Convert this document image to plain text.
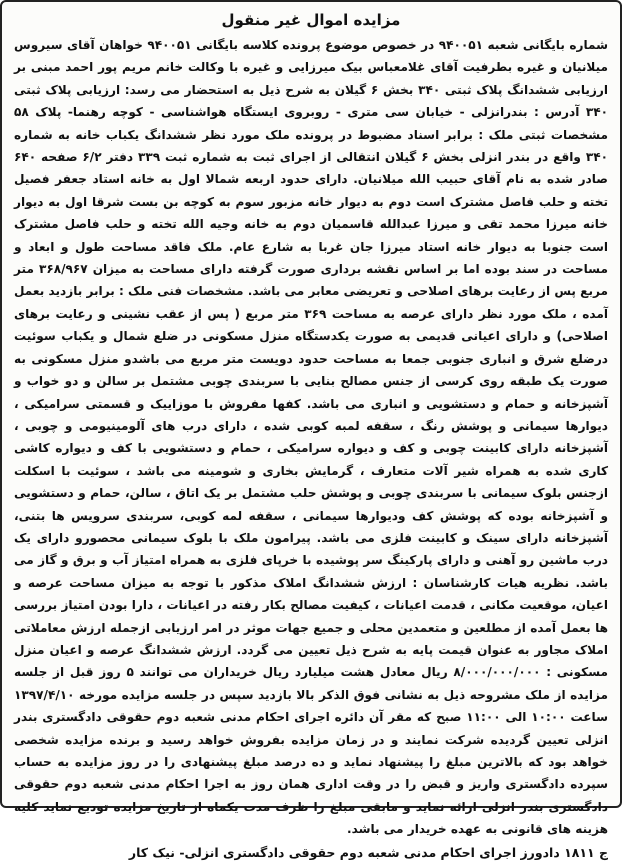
مزایده اموال غیر منقول

شماره بایگانی شعبه ۹۴۰۰۵۱ در خصوص موضوع پرونده کلاسه بایگانی ۹۴۰۰۵۱ خواهان آقای سیروس میلانیان و غیره بطرفیت آقای غلامعباس بیک میرزایی و غیره با وکالت خانم مریم پور احمد مبنی بر ارزیابی ششدانگ پلاک ثبتی ۳۴۰ بخش ۶ گیلان به شرح ذیل به استحضار می رسد: ارزیابی پلاک ثبتی ۳۴۰ آدرس : بندرانزلی - خیابان سی متری - روبروی ایستگاه هواشناسی - کوچه رهنما- پلاک ۵۸ مشخصات ثبتی ملک : برابر اسناد مضبوط در پرونده ملک مورد نظر ششدانگ یکباب خانه به شماره ۳۴۰ واقع در بندر انزلی بخش ۶ گیلان انتقالی از اجرای ثبت به شماره ثبت ۳۳۹ دفتر ۶/۲ صفحه ۶۴۰ صادر شده به نام آقای حبیب الله میلانیان. دارای حدود اربعه شمالا اول به خانه استاد جعفر فصیل تخته و حلب فاصل مشترک است دوم به دیوار خانه مزبور سوم به کوچه بن بست شرقا اول به دیوار خانه میرزا محمد تقی و میرزا عبدالله قاسمیان دوم به خانه وجیه الله تخته و حلب فاصل مشترک است جنوبا به دیوار خانه استاد میرزا جان غربا به شارع عام. ملک فاقد مساحت طول و ابعاد و مساحت در سند بوده اما بر اساس نقشه برداری صورت گرفته دارای مساحت به میزان ۳۶۸/۹۶۷ متر مربع پس از رعایت برهای اصلاحی و تعریضی معابر می باشد. مشخصات فنی ملک : برابر بازدید بعمل آمده ، ملک مورد نظر دارای عرصه به مساحت ۳۶۹ متر مربع ( پس از عقب نشینی و رعایت برهای اصلاحی) و دارای اعیانی قدیمی به صورت یکدستگاه منزل مسکونی در ضلع شمال و یکباب سوئیت درضلع شرق و انباری جنوبی جمعا به مساحت حدود دویست متر مربع می باشدو منزل مسکونی به صورت یک طبقه روی کرسی از جنس مصالح بنایی با سربندی چوبی مشتمل بر سالن و دو خواب و آشپزخانه و حمام و دستشویی و انباری می باشد. کفها مفروش با موزاییک و قسمتی سرامیکی ، دیوارها سیمانی و پوشش رنگ ، سقفه لمبه کوبی شده ، دارای درب های آلومینیومی و چوبی ، آشپزخانه دارای کابینت چوبی و کف و دیواره سرامیکی ، حمام و دستشویی با کف و دیواره کاشی کاری شده به همراه شیر آلات متعارف ، گرمایش بخاری و شومینه می باشد ، سوئیت با اسکلت ازجنس بلوک سیمانی با سربندی چوبی و پوشش حلب مشتمل بر یک اتاق ، سالن، حمام و دستشویی و آشپزخانه بوده که پوشش کف ودیوارها سیمانی ، سقفه لمه کوبی، سربندی سرویس ها بتنی، آشپزخانه دارای سینک و کابینت فلزی می باشد. پیرامون ملک با بلوک سیمانی محصورو دارای یک درب ماشین رو آهنی و دارای پارکینگ سر پوشیده با خرپای فلزی به همراه امتیاز آب و برق و گاز می باشد. نظریه هیات کارشناسان : ارزش ششدانگ املاک مذکور با توجه به میزان مساحت عرصه و اعیان، موقعیت مکانی ، قدمت اعیانات ، کیفیت مصالح بکار رفته در اعیانات ، دارا بودن امتیاز بررسی ها بعمل آمده از مطلعین و متعمدین محلی و جمیع جهات موثر در امر ارزیابی ازجمله ارزش معاملاتی املاک مجاور به عنوان قیمت پایه به شرح ذیل تعیین می گردد. ارزش ششدانگ عرصه و اعیان منزل مسکونی : ۸/۰۰۰/۰۰۰/۰۰۰ ریال معادل هشت میلیارد ریال خریداران می توانند ۵ روز قبل از جلسه مزایده از ملک مشروحه ذیل به نشانی فوق الذکر بالا بازدید سپس در جلسه مزایده مورخه ۱۳۹۷/۴/۱۰ ساعت ۱۰:۰۰ الی ۱۱:۰۰ صبح که مقر آن دائره اجرای احکام مدنی شعبه دوم حقوقی دادگستری بندر انزلی تعیین گردیده شرکت نمایند و در زمان مزایده بفروش خواهد رسید و برنده مزایده شخصی خواهد بود که بالاترین مبلغ را پیشنهاد نماید و ده درصد مبلغ پیشنهادی را در روز مزایده به حساب سپرده دادگستری واریز و قبض را در وقت اداری همان روز به اجرا احکام مدنی شعبه دوم حقوقی دادگستری بندر انزلی ارائه نماید و مابقی مبلغ را ظرف مدت یکماه از تاریخ مزایده تودیع نماید کلیه هزینه های قانونی به عهده خریدار می باشد.

ج ۱۸۱۱ دادورز اجرای احکام مدنی شعبه دوم حقوقی دادگستری انزلی- نیک کار
